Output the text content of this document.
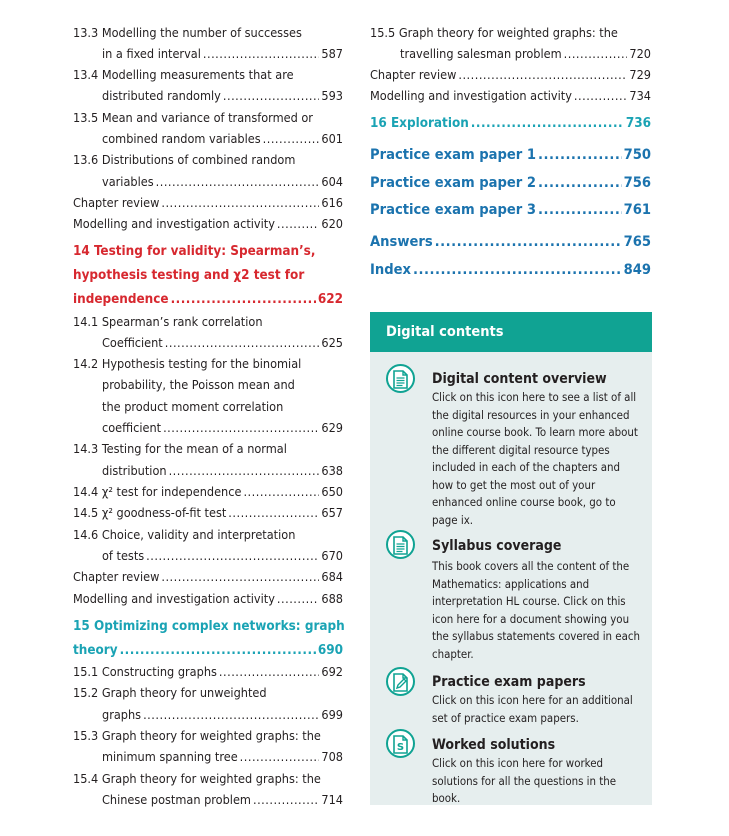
13.3
Modelling the number of successes
in a fixed interval .....	587
13.4
Modelling measurements that are
distributed randomly .....	593
13.5
Mean and variance of transformed or
combined random variables .....	601
13.6
Distributions of combined random
variables .....	604
Chapter review .....	616
Modelling and investigation activity .....	620
14 Testing for validity: Spearman’s,
hypothesis testing and χ2 test for
independence .....	622
14.1
Spearman’s rank correlation
Coefficient .....	625
14.2
Hypothesis testing for the binomial
probability, the Poisson mean and
the product moment correlation
coefficient .....	629
14.3
Testing for the mean of a normal
distribution .....	638
14.4
χ² test for independence .....	650
14.5
χ² goodness-of-fit test .....	657
14.6
Choice, validity and interpretation
of tests .....	670
Chapter review .....	684
Modelling and investigation activity .....	688
15 Optimizing complex networks: graph
theory .....	690
15.1
Constructing graphs .....	692
15.2
Graph theory for unweighted
graphs .....	699
15.3
Graph theory for weighted graphs: the
minimum spanning tree .....	708
15.4
Graph theory for weighted graphs: the
Chinese postman problem .....	714
15.5
Graph theory for weighted graphs: the
travelling salesman problem .....	720
Chapter review .....	729
Modelling and investigation activity .....	734
16 Exploration .....	736
Practice exam paper 1 .....	750
Practice exam paper 2 .....	756
Practice exam paper 3 .....	761
Answers .....	765
Index .....	849
Digital contents
Digital content overview
Click on this icon here to see a list of all the digital resources in your enhanced online course book. To learn more about the different digital resource types included in each of the chapters and how to get the most out of your enhanced online course book, go to page ix.
Syllabus coverage
This book covers all the content of the Mathematics: applications and interpretation HL course. Click on this icon here for a document showing you the syllabus statements covered in each chapter.
Practice exam papers
Click on this icon here for an additional set of practice exam papers.
S Worked solutions
Click on this icon here for worked solutions for all the questions in the book.
